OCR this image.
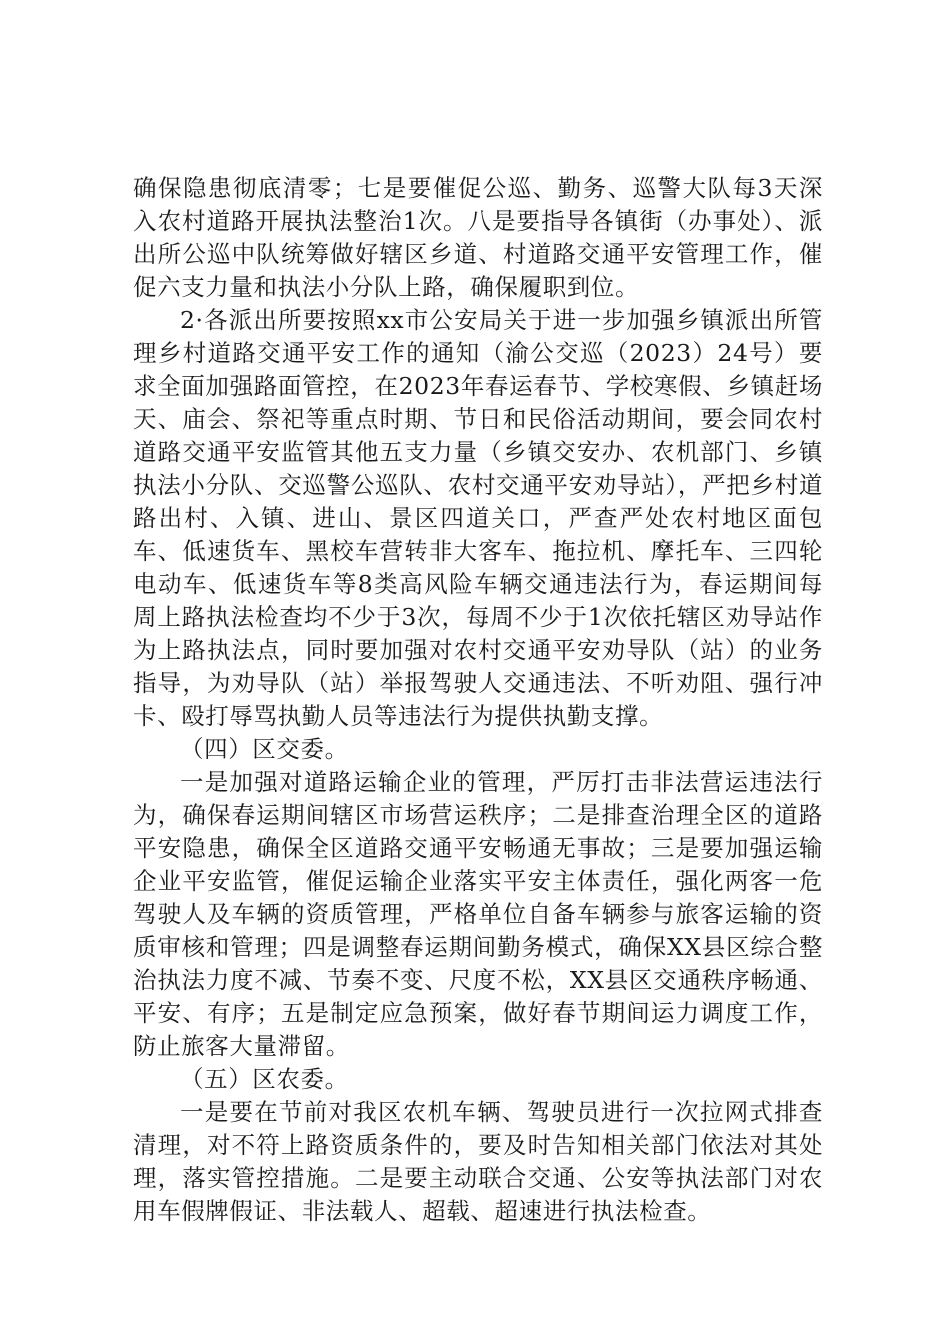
确保隐患彻底清零；七是要催促公巡、勤务、巡警大队每3天深入农村道路开展执法整治1次。八是要指导各镇街（办事处）、派出所公巡中队统筹做好辖区乡道、村道路交通平安管理工作，催促六支力量和执法小分队上路，确保履职到位。

2·各派出所要按照xx市公安局关于进一步加强乡镇派出所管理乡村道路交通平安工作的通知（渝公交巡（2023）24号）要求全面加强路面管控，在2023年春运春节、学校寒假、乡镇赶场天、庙会、祭祀等重点时期、节日和民俗活动期间，要会同农村道路交通平安监管其他五支力量（乡镇交安办、农机部门、乡镇执法小分队、交巡警公巡队、农村交通平安劝导站），严把乡村道路出村、入镇、进山、景区四道关口，严查严处农村地区面包车、低速货车、黑校车营转非大客车、拖拉机、摩托车、三四轮电动车、低速货车等8类高风险车辆交通违法行为，春运期间每周上路执法检查均不少于3次，每周不少于1次依托辖区劝导站作为上路执法点，同时要加强对农村交通平安劝导队（站）的业务指导，为劝导队（站）举报驾驶人交通违法、不听劝阻、强行冲卡、殴打辱骂执勤人员等违法行为提供执勤支撑。

（四）区交委。

一是加强对道路运输企业的管理，严厉打击非法营运违法行为，确保春运期间辖区市场营运秩序；二是排查治理全区的道路平安隐患，确保全区道路交通平安畅通无事故；三是要加强运输企业平安监管，催促运输企业落实平安主体责任，强化两客一危驾驶人及车辆的资质管理，严格单位自备车辆参与旅客运输的资质审核和管理；四是调整春运期间勤务模式，确保XX县区综合整治执法力度不减、节奏不变、尺度不松，XX县区交通秩序畅通、平安、有序；五是制定应急预案，做好春节期间运力调度工作，防止旅客大量滞留。

（五）区农委。

一是要在节前对我区农机车辆、驾驶员进行一次拉网式排查清理，对不符上路资质条件的，要及时告知相关部门依法对其处理，落实管控措施。二是要主动联合交通、公安等执法部门对农用车假牌假证、非法载人、超载、超速进行执法检查。
